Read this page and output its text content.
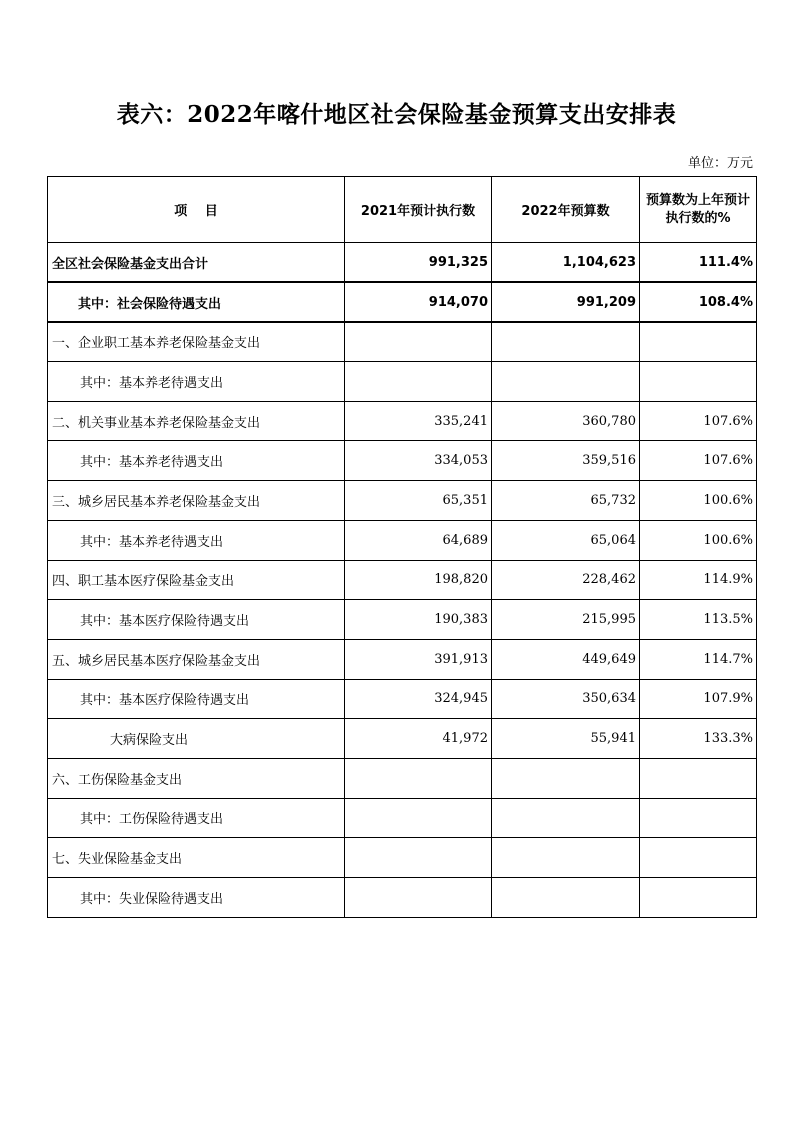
表六：2022年喀什地区社会保险基金预算支出安排表
单位：万元
项　 目	2021年预计执行数	2022年预算数	预算数为上年预计执行数的%
全区社会保险基金支出合计	991,325	1,104,623	111.4%
其中：社会保险待遇支出	914,070	991,209	108.4%
一、企业职工基本养老保险基金支出			
其中：基本养老待遇支出			
二、机关事业基本养老保险基金支出	335,241	360,780	107.6%
其中：基本养老待遇支出	334,053	359,516	107.6%
三、城乡居民基本养老保险基金支出	65,351	65,732	100.6%
其中：基本养老待遇支出	64,689	65,064	100.6%
四、职工基本医疗保险基金支出	198,820	228,462	114.9%
其中：基本医疗保险待遇支出	190,383	215,995	113.5%
五、城乡居民基本医疗保险基金支出	391,913	449,649	114.7%
其中：基本医疗保险待遇支出	324,945	350,634	107.9%
大病保险支出	41,972	55,941	133.3%
六、工伤保险基金支出			
其中：工伤保险待遇支出			
七、失业保险基金支出			
其中：失业保险待遇支出			
